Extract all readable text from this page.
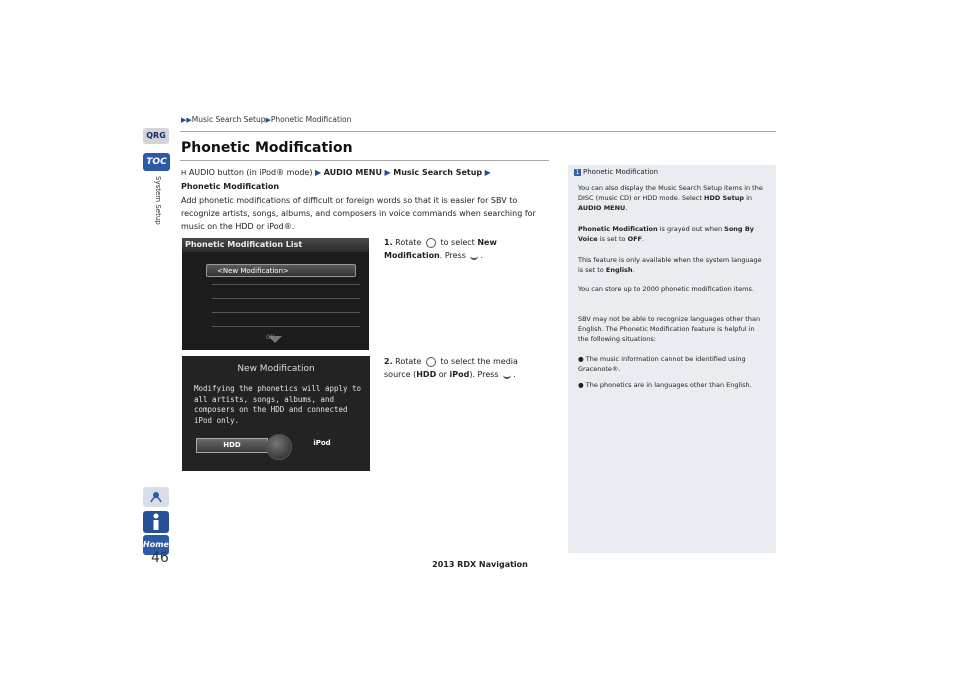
▶▶Music Search Setup▶Phonetic Modification
QRG
TOC
System Setup
Home
46
Phonetic Modification
H AUDIO button (in iPod® mode) ▶ AUDIO MENU ▶ Music Search Setup ▶
Phonetic Modification
Add phonetic modifications of difficult or foreign words so that it is easier for SBV to recognize artists, songs, albums, and composers in voice commands when searching for music on the HDD or iPod®.
1. Rotate to select New Modification. Press .
Phonetic Modification List
<New Modification>
OK
2. Rotate to select the media source (HDD or iPod). Press .
New Modification
Modifying the phonetics will apply to all artists, songs, albums, and composers on the HDD and connected iPod only.
HDD	iPod
1 Phonetic Modification
You can also display the Music Search Setup items in the DISC (music CD) or HDD mode. Select HDD Setup in AUDIO MENU.
Phonetic Modification is grayed out when Song By Voice is set to OFF.
This feature is only available when the system language is set to English.
You can store up to 2000 phonetic modification items.
SBV may not be able to recognize languages other than English. The Phonetic Modification feature is helpful in the following situations:
● The music information cannot be identified using Gracenote®.
● The phonetics are in languages other than English.
2013 RDX Navigation
